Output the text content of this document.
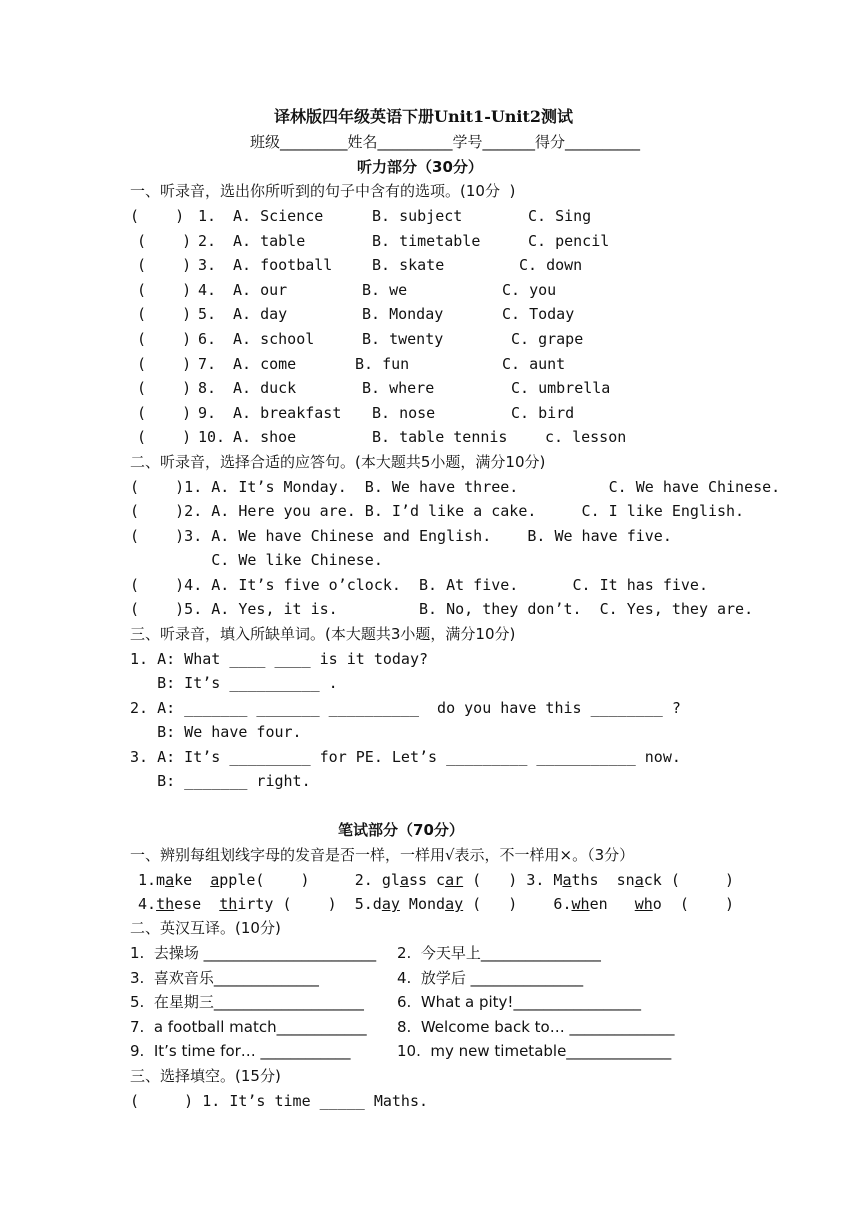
译林版四年级英语下册Unit1-Unit2测试
班级_________姓名__________学号_______得分__________
听力部分（30分）
一、听录音，选出你所听到的句子中含有的选项。(10分  )
(    ) 1. A. Science	B. subject	C. Sing
(    ) 2. A. table	B. timetable	C. pencil
(    ) 3. A. football	B. skate	C. down
(    ) 4. A. our	B. we	C. you
(    ) 5. A. day	B. Monday	C. Today
(    ) 6. A. school	B. twenty	C. grape
(    ) 7. A. come	B. fun	C. aunt
(    ) 8. A. duck	B. where	C. umbrella
(    ) 9. A. breakfast B. nose	C. bird
(    ) 10. A. shoe	B. table tennis	c. lesson
二、听录音，选择合适的应答句。(本大题共5小题，满分10分)
(    )1. A. It’s Monday.  B. We have three.          C. We have Chinese.
(    )2. A. Here you are. B. I’d like a cake.     C. I like English.
(    )3. A. We have Chinese and English.    B. We have five.
C. We like Chinese.
(    )4. A. It’s five o’clock.  B. At five.      C. It has five.
(    )5. A. Yes, it is.         B. No, they don’t.  C. Yes, they are.
三、听录音，填入所缺单词。(本大题共3小题，满分10分)
1. A: What ____ ____ is it today?
B: It’s __________ .
2. A: _______ _______ __________  do you have this ________ ?
B: We have four.
3. A: It’s _________ for PE. Let’s _________ ___________ now.
B: _______ right.
笔试部分（70分）
一、辨别每组划线字母的发音是否一样，一样用√表示，不一样用×。（3分）
1.make  apple(    )     2. glass car (   ) 3. Maths  snack (     )
4.these  thirty (    )  5.day Monday (   )    6.when   who  (    )
二、英汉互译。(10分)
1.  去操场 _______________________ 2.  今天早上________________
3.  喜欢音乐______________	4.  放学后 _______________
5.  在星期三____________________ 6.  What a pity!_________________
7.  a football match____________ 8.  Welcome back to… ______________
9.  It’s time for… ____________	10.  my new timetable______________
三、选择填空。(15分)
(     ) 1. It’s time _____ Maths.
